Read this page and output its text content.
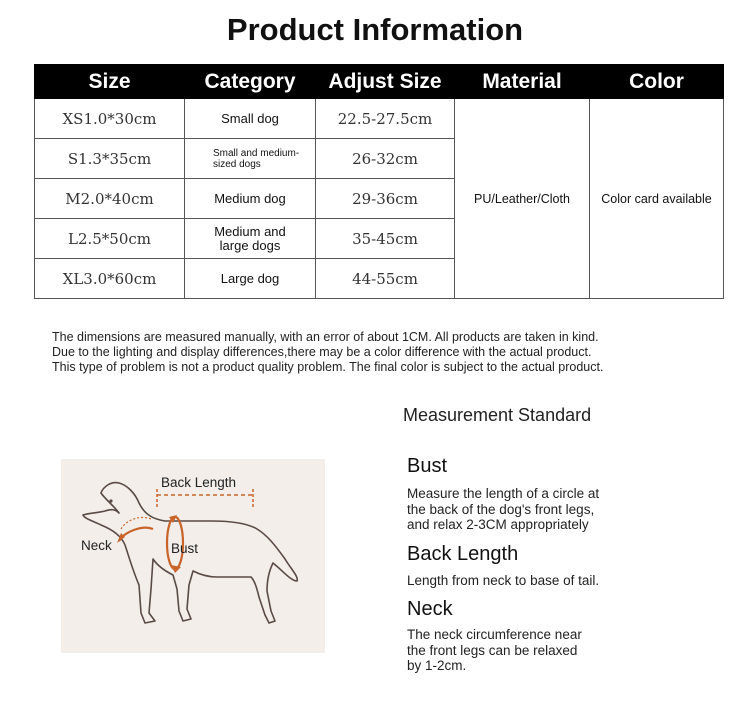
Product Information
Size	Category	Adjust Size	Material	Color
XS1.0*30cm	Small dog	22.5-27.5cm	PU/Leather/Cloth	Color card available
S1.3*35cm	Small and medium-sized dogs	26-32cm		
M2.0*40cm	Medium dog	29-36cm		
L2.5*50cm	Medium and large dogs	35-45cm		
XL3.0*60cm	Large dog	44-55cm		
The dimensions are measured manually, with an error of about 1CM. All products are taken in kind.
Due to the lighting and display differences,there may be a color difference with the actual product.
This type of problem is not a product quality problem. The final color is subject to the actual product.
Back Length
Neck	Bust
Measurement Standard
Bust
Measure the length of a circle at
the back of the dog's front legs,
and relax 2-3CM appropriately
Back Length
Length from neck to base of tail.
Neck
The neck circumference near
the front legs can be relaxed
by 1-2cm.
